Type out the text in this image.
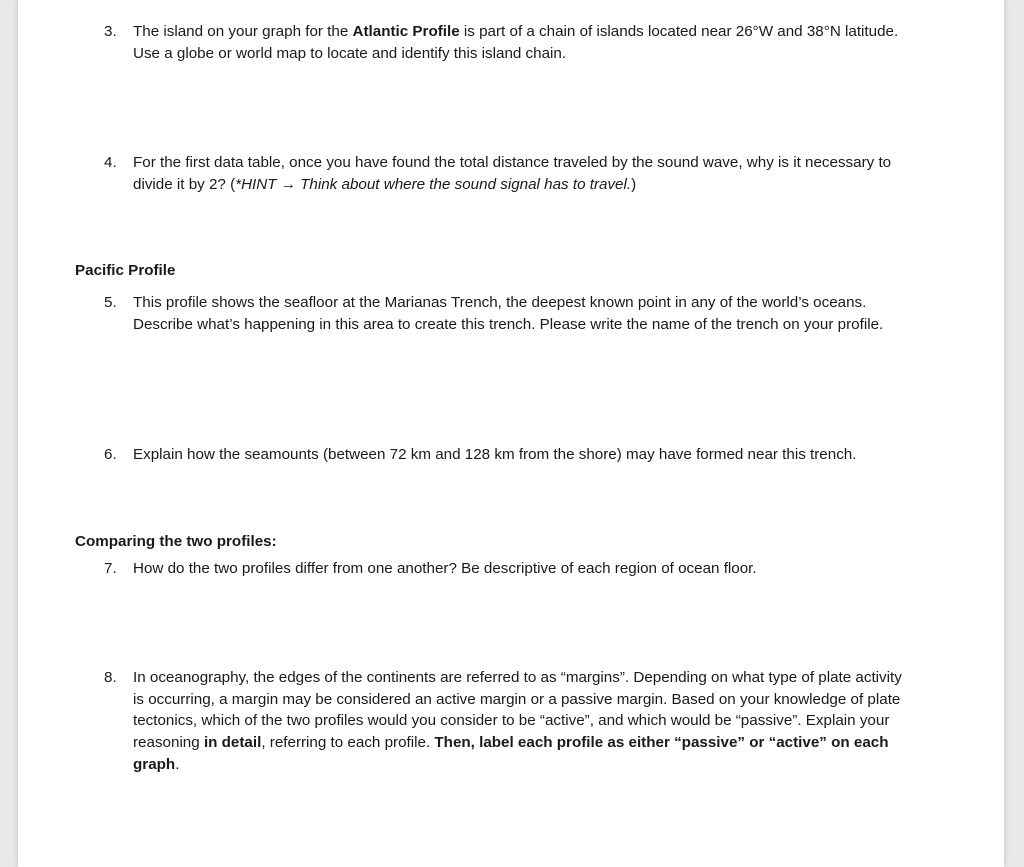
3. The island on your graph for the Atlantic Profile is part of a chain of islands located near 26°W and 38°N latitude. Use a globe or world map to locate and identify this island chain.
4. For the first data table, once you have found the total distance traveled by the sound wave, why is it necessary to divide it by 2? (*HINT → Think about where the sound signal has to travel.)
Pacific Profile
5. This profile shows the seafloor at the Marianas Trench, the deepest known point in any of the world’s oceans. Describe what’s happening in this area to create this trench. Please write the name of the trench on your profile.
6. Explain how the seamounts (between 72 km and 128 km from the shore) may have formed near this trench.
Comparing the two profiles:
7. How do the two profiles differ from one another? Be descriptive of each region of ocean floor.
8. In oceanography, the edges of the continents are referred to as “margins”. Depending on what type of plate activity is occurring, a margin may be considered an active margin or a passive margin. Based on your knowledge of plate tectonics, which of the two profiles would you consider to be “active”, and which would be “passive”. Explain your reasoning in detail, referring to each profile. Then, label each profile as either “passive” or “active” on each graph.
